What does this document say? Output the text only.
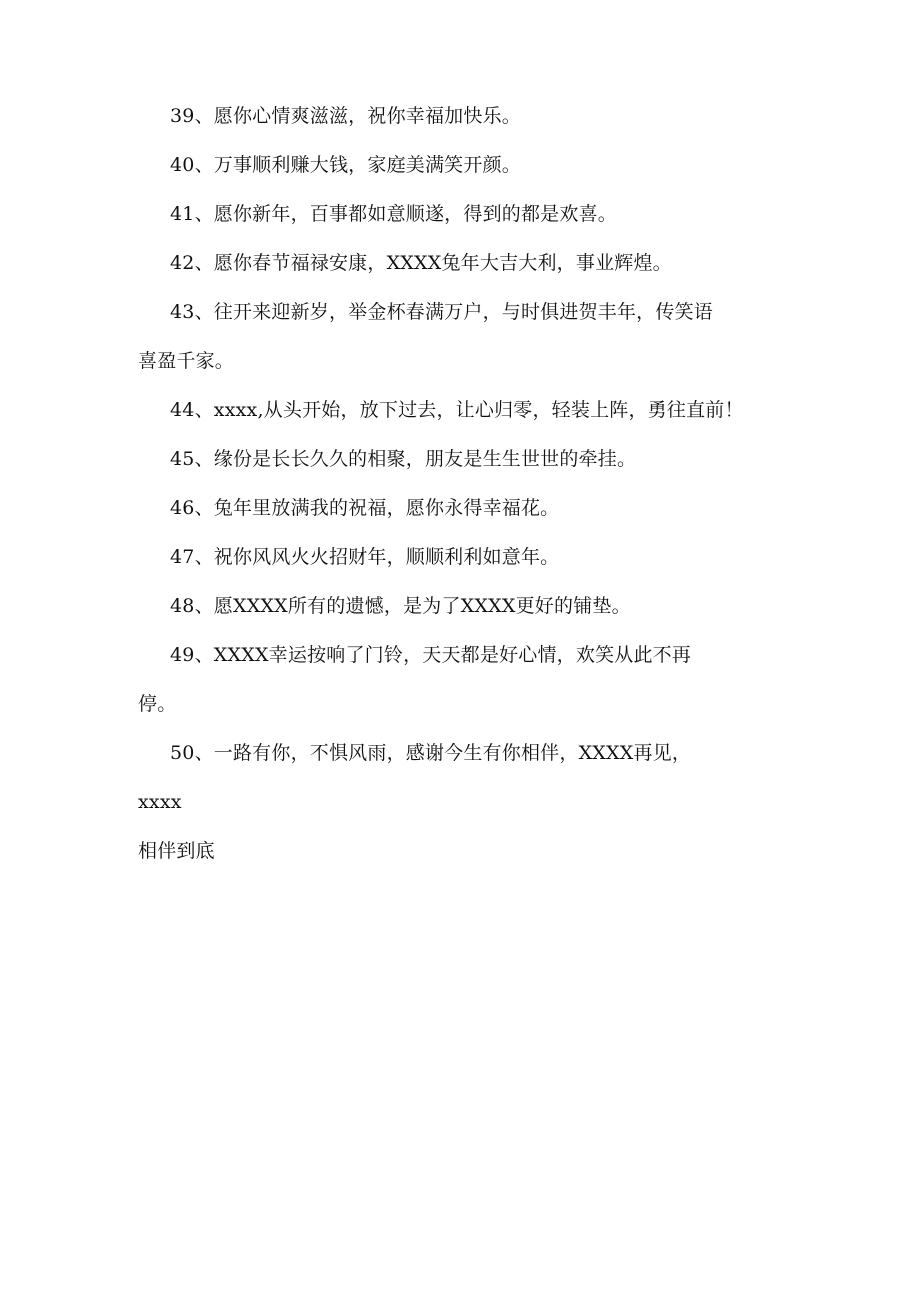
39、愿你心情爽滋滋，祝你幸福加快乐。

40、万事顺利赚大钱，家庭美满笑开颜。

41、愿你新年，百事都如意顺遂，得到的都是欢喜。

42、愿你春节福禄安康，XXXX兔年大吉大利，事业辉煌。

43、往开来迎新岁，举金杯春满万户，与时俱进贺丰年，传笑语

喜盈千家。

44、xxxx,从头开始，放下过去，让心归零，轻装上阵，勇往直前！

45、缘份是长长久久的相聚，朋友是生生世世的牵挂。

46、兔年里放满我的祝福，愿你永得幸福花。

47、祝你风风火火招财年，顺顺利利如意年。

48、愿XXXX所有的遗憾，是为了XXXX更好的铺垫。

49、XXXX幸运按响了门铃，天天都是好心情，欢笑从此不再

停。

50、一路有你，不惧风雨，感谢今生有你相伴，XXXX再见，

xxxx

相伴到底
